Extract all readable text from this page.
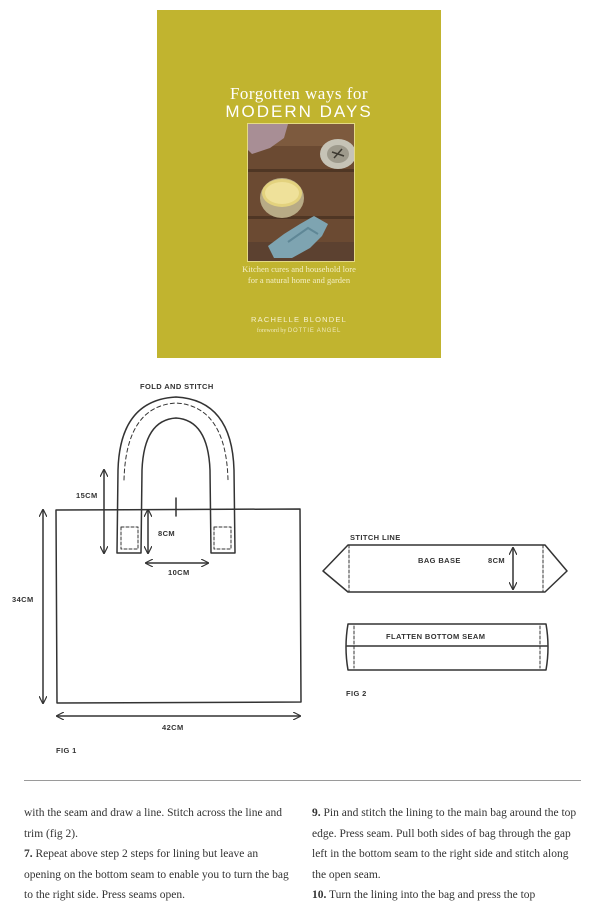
Forgotten ways for
MODERN DAYS
Kitchen cures and household lore
for a natural home and garden
RACHELLE BLONDEL
foreword by DOTTIE ANGEL
FOLD AND STITCH
15CM
8CM
10CM
34CM
42CM
FIG 1
STITCH LINE
BAG BASE	8CM
FLATTEN BOTTOM SEAM
FIG 2

with the seam and draw a line. Stitch across the line and trim (fig 2).

7. Repeat above step 2 steps for lining but leave an opening on the bottom seam to enable you to turn the bag to the right side. Press seams open.

9. Pin and stitch the lining to the main bag around the top edge. Press seam. Pull both sides of bag through the gap left in the bottom seam to the right side and stitch along the open seam.

10. Turn the lining into the bag and press the top
